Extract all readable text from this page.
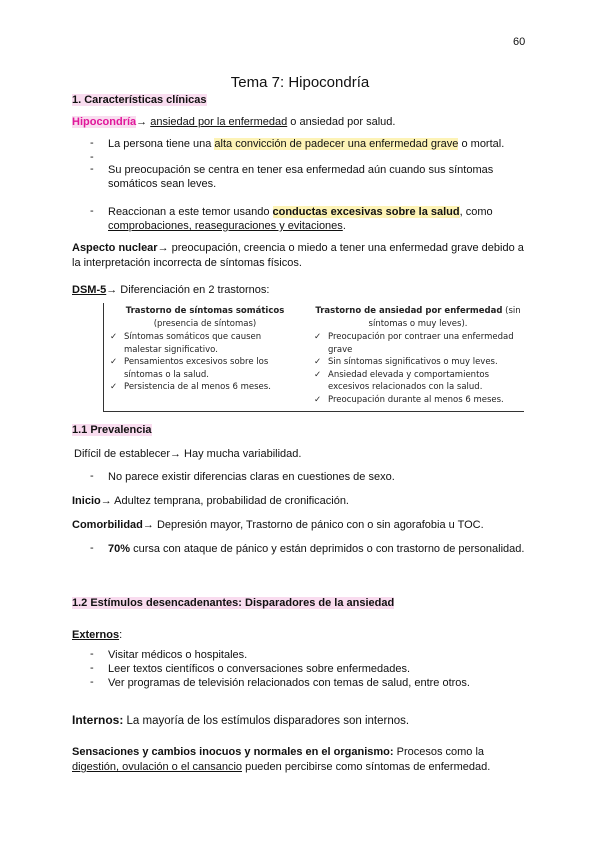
60
Tema 7: Hipocondría
1. Características clínicas
Hipocondría→ ansiedad por la enfermedad o ansiedad por salud.
-	La persona tiene una alta convicción de padecer una enfermedad grave o mortal.
-
-	Su preocupación se centra en tener esa enfermedad aún cuando sus síntomas somáticos sean leves.
-	Reaccionan a este temor usando conductas excesivas sobre la salud, como comprobaciones, reaseguraciones y evitaciones.

Aspecto nuclear→ preocupación, creencia o miedo a tener una enfermedad grave debido a la interpretación incorrecta de síntomas físicos.

DSM-5→ Diferenciación en 2 trastornos:
Trastorno de síntomas somáticos
(presencia de síntomas)
✓ Síntomas somáticos que causen malestar significativo.
✓ Pensamientos excesivos sobre los síntomas o la salud.
✓ Persistencia de al menos 6 meses.
Trastorno de ansiedad por enfermedad (sin síntomas o muy leves).
✓ Preocupación por contraer una enfermedad grave
✓ Sin síntomas significativos o muy leves.
✓ Ansiedad elevada y comportamientos excesivos relacionados con la salud.
✓ Preocupación durante al menos 6 meses.
1.1 Prevalencia
Difícil de establecer→ Hay mucha variabilidad.
-	No parece existir diferencias claras en cuestiones de sexo.
Inicio→ Adultez temprana, probabilidad de cronificación.
Comorbilidad→ Depresión mayor, Trastorno de pánico con o sin agorafobia u TOC.
-	70% cursa con ataque de pánico y están deprimidos o con trastorno de personalidad.
1.2 Estímulos desencadenantes: Disparadores de la ansiedad
Externos:
-	Visitar médicos o hospitales.
-	Leer textos científicos o conversaciones sobre enfermedades.
-	Ver programas de televisión relacionados con temas de salud, entre otros.
Internos: La mayoría de los estímulos disparadores son internos.

Sensaciones y cambios inocuos y normales en el organismo: Procesos como la digestión, ovulación o el cansancio pueden percibirse como síntomas de enfermedad.
